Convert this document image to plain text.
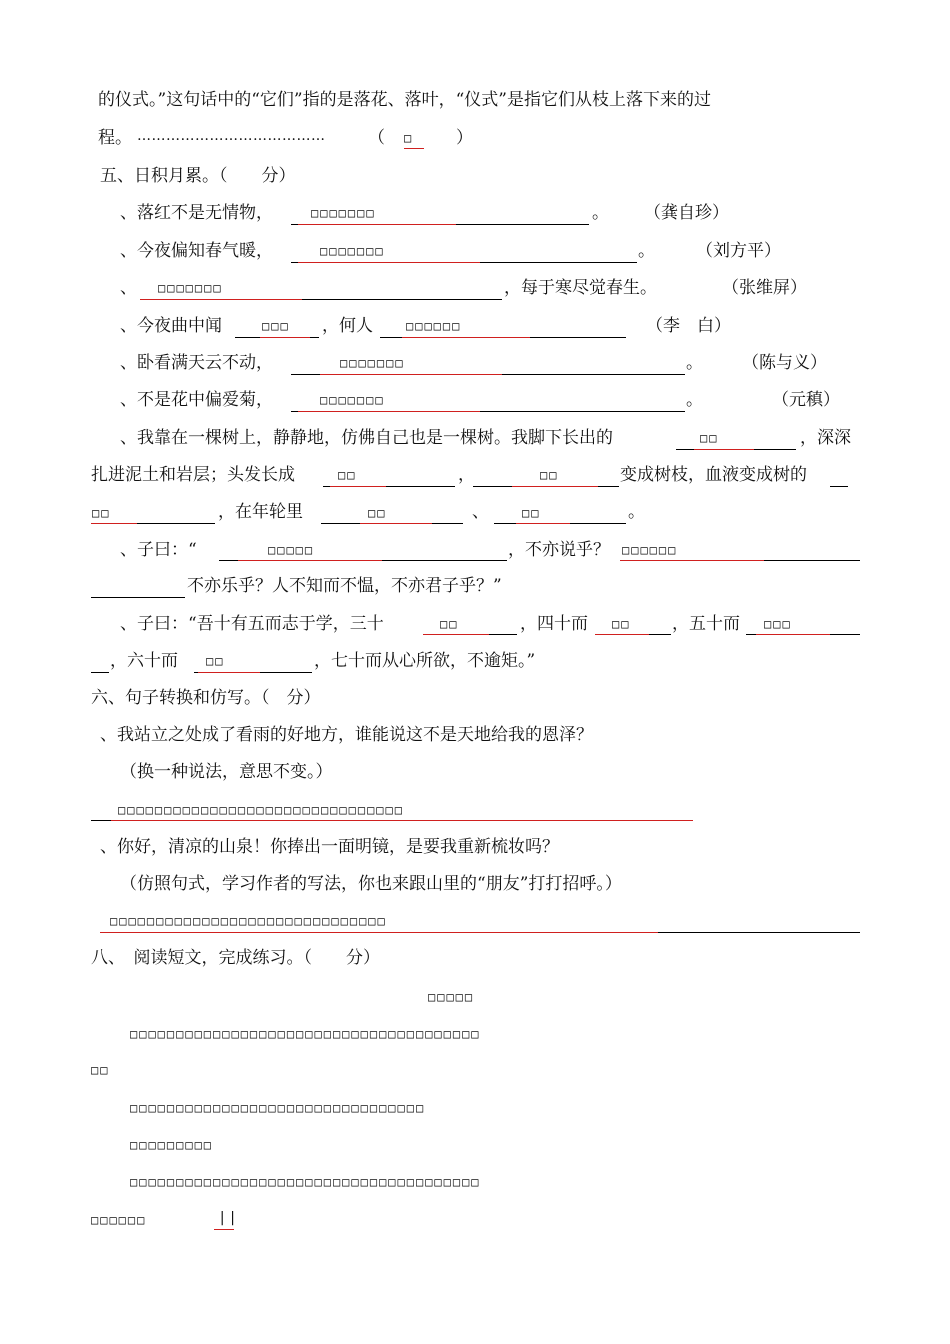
的仪式。”这句话中的“它们”指的是落花、落叶，“仪式”是指它们从枝上落下来的过
程。 …………………………………	（ □	）
五、日积月累。（　　分）
、落红不是无情物，	□□□□□□□	。 （龚自珍）
、今夜偏知春气暖，	□□□□□□□	。 （刘方平）
、 □□□□□□□	，每于寒尽觉春生。	（张维屏）
、今夜曲中闻	□□□ ，何人	□□□□□□	（李　白）
、卧看满天云不动，	□□□□□□□	。 （陈与义）
、不是花中偏爱菊，	□□□□□□□	。	（元稹）
、我靠在一棵树上，静静地，仿佛自己也是一棵树。我脚下长出的	□□	，深深
扎进泥土和岩层；头发长成	□□	，	□□	变成树枝，血液变成树的
□□	，在年轮里	□□	、	□□	。
、子曰：“	□□□□□	，不亦说乎？ □□□□□□
不亦乐乎？人不知而不愠，不亦君子乎？”
、子曰：“吾十有五而志于学，三十	□□	，四十而 □□ ，五十而 □□□
，六十而 □□	，七十而从心所欲，不逾矩。”
六、句子转换和仿写。（　分）
、我站立之处成了看雨的好地方，谁能说这不是天地给我的恩泽？
（换一种说法，意思不变。）
□□□□□□□□□□□□□□□□□□□□□□□□□□□□□□□
、你好，清凉的山泉！你捧出一面明镜，是要我重新梳妆吗？
（仿照句式，学习作者的写法，你也来跟山里的“朋友”打打招呼。）
□□□□□□□□□□□□□□□□□□□□□□□□□□□□□□
八、　阅读短文，完成练习。（　　分）
□□□□□
□□□□□□□□□□□□□□□□□□□□□□□□□□□□□□□□□□□□□□
□□
□□□□□□□□□□□□□□□□□□□□□□□□□□□□□□□□
□□□□□□□□□
□□□□□□□□□□□□□□□□□□□□□□□□□□□□□□□□□□□□□□
□□□□□□	||
